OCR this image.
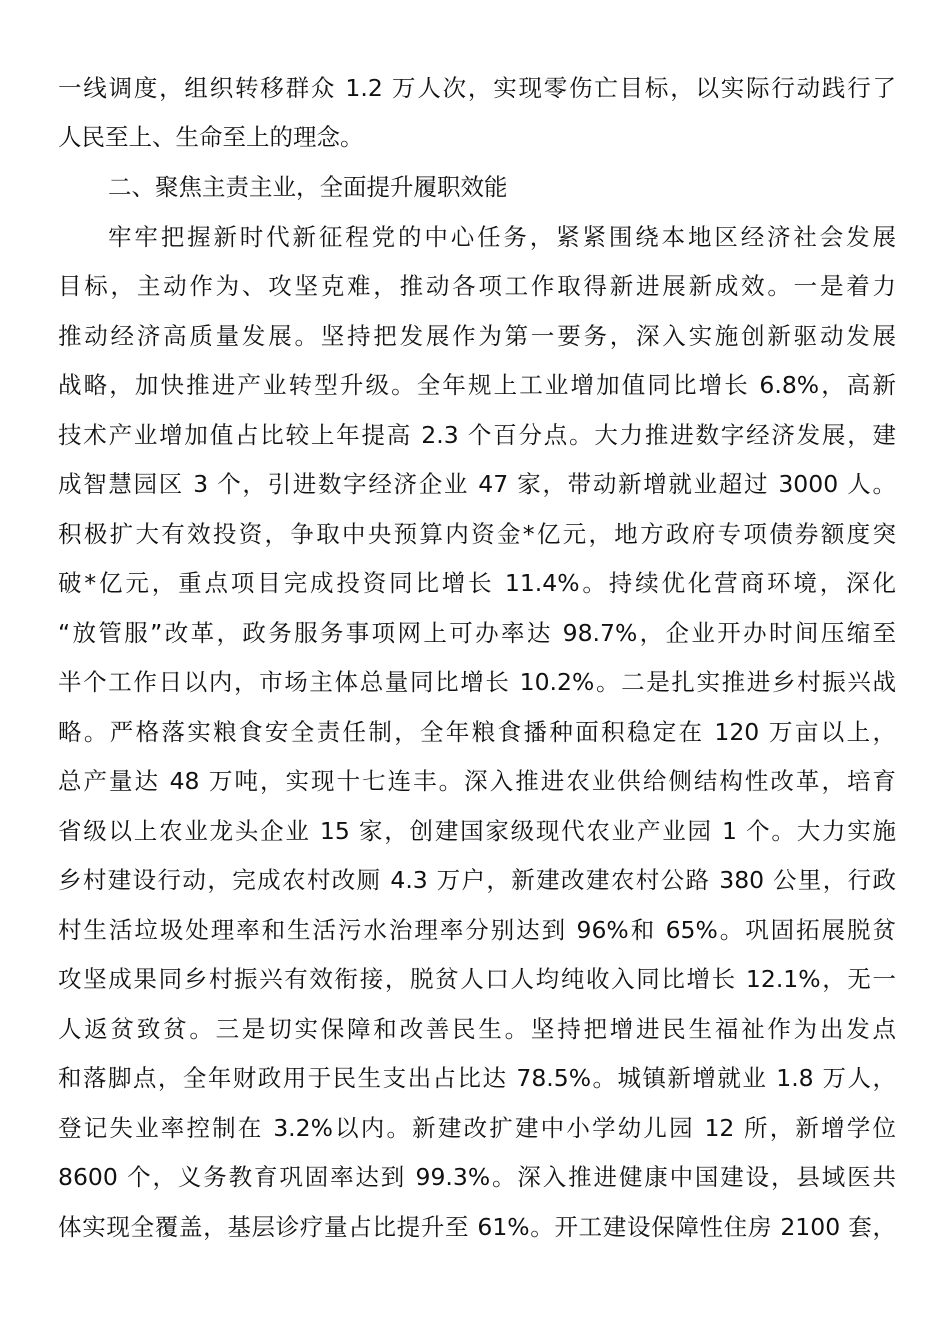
一线调度，组织转移群众 1.2 万人次，实现零伤亡目标，以实际行动践行了
人民至上、生命至上的理念。
二、聚焦主责主业，全面提升履职效能
牢牢把握新时代新征程党的中心任务，紧紧围绕本地区经济社会发展
目标，主动作为、攻坚克难，推动各项工作取得新进展新成效。一是着力
推动经济高质量发展。坚持把发展作为第一要务，深入实施创新驱动发展
战略，加快推进产业转型升级。全年规上工业增加值同比增长 6.8%，高新
技术产业增加值占比较上年提高 2.3 个百分点。大力推进数字经济发展，建
成智慧园区 3 个，引进数字经济企业 47 家，带动新增就业超过 3000 人。
积极扩大有效投资，争取中央预算内资金*亿元，地方政府专项债券额度突
破*亿元，重点项目完成投资同比增长 11.4%。持续优化营商环境，深化
“放管服”改革，政务服务事项网上可办率达 98.7%，企业开办时间压缩至
半个工作日以内，市场主体总量同比增长 10.2%。二是扎实推进乡村振兴战
略。严格落实粮食安全责任制，全年粮食播种面积稳定在 120 万亩以上，
总产量达 48 万吨，实现十七连丰。深入推进农业供给侧结构性改革，培育
省级以上农业龙头企业 15 家，创建国家级现代农业产业园 1 个。大力实施
乡村建设行动，完成农村改厕 4.3 万户，新建改建农村公路 380 公里，行政
村生活垃圾处理率和生活污水治理率分别达到 96%和 65%。巩固拓展脱贫
攻坚成果同乡村振兴有效衔接，脱贫人口人均纯收入同比增长 12.1%，无一
人返贫致贫。三是切实保障和改善民生。坚持把增进民生福祉作为出发点
和落脚点，全年财政用于民生支出占比达 78.5%。城镇新增就业 1.8 万人，
登记失业率控制在 3.2%以内。新建改扩建中小学幼儿园 12 所，新增学位
8600 个，义务教育巩固率达到 99.3%。深入推进健康中国建设，县域医共
体实现全覆盖，基层诊疗量占比提升至 61%。开工建设保障性住房 2100 套，
